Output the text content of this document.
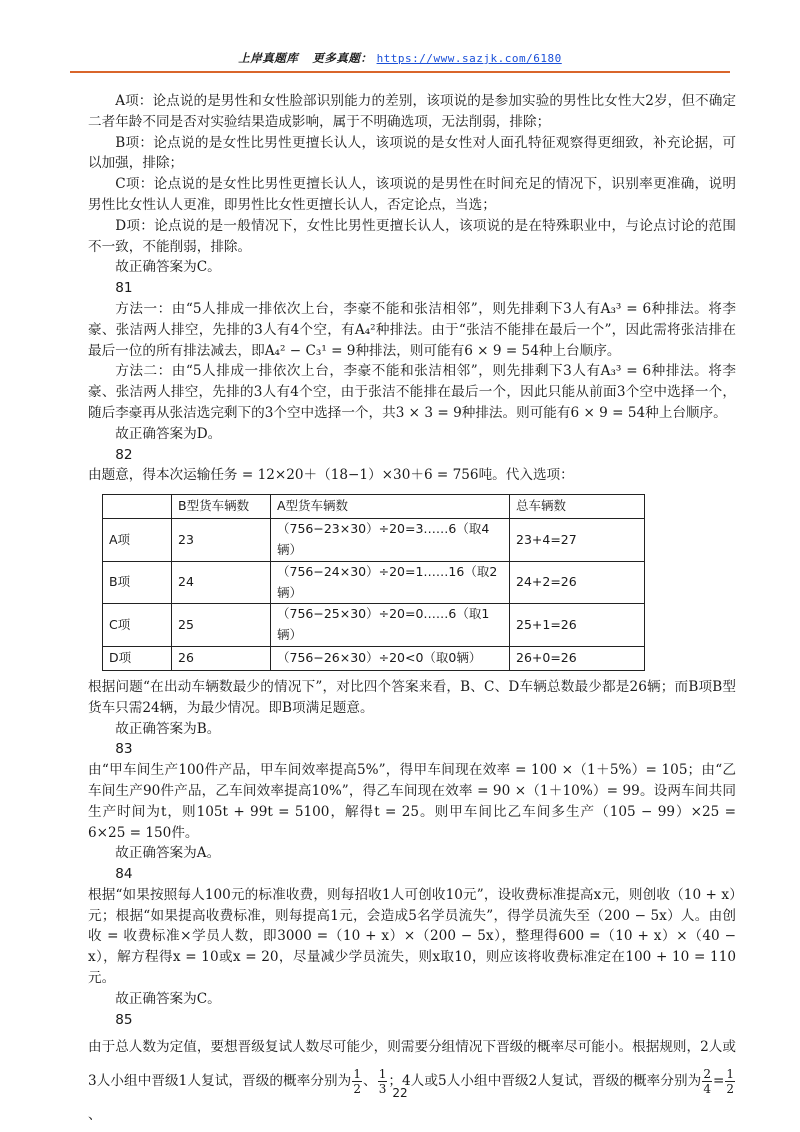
上岸真题库 更多真题： https://www.sazjk.com/6180

A项：论点说的是男性和女性脸部识别能力的差别，该项说的是参加实验的男性比女性大2岁，但不确定二者年龄不同是否对实验结果造成影响，属于不明确选项，无法削弱，排除；

B项：论点说的是女性比男性更擅长认人，该项说的是女性对人面孔特征观察得更细致，补充论据，可以加强，排除；

C项：论点说的是女性比男性更擅长认人，该项说的是男性在时间充足的情况下，识别率更准确，说明男性比女性认人更准，即男性比女性更擅长认人，否定论点，当选；

D项：论点说的是一般情况下，女性比男性更擅长认人，该项说的是在特殊职业中，与论点讨论的范围不一致，不能削弱，排除。

故正确答案为C。

81

方法一：由“5人排成一排依次上台，李豪不能和张洁相邻”，则先排剩下3人有A₃³ = 6种排法。将李豪、张洁两人排空，先排的3人有4个空，有A₄²种排法。由于“张洁不能排在最后一个”，因此需将张洁排在最后一位的所有排法减去，即A₄² − C₃¹ = 9种排法，则可能有6 × 9 = 54种上台顺序。

方法二：由“5人排成一排依次上台，李豪不能和张洁相邻”，则先排剩下3人有A₃³ = 6种排法。将李豪、张洁两人排空，先排的3人有4个空，由于张洁不能排在最后一个，因此只能从前面3个空中选择一个，随后李豪再从张洁选完剩下的3个空中选择一个，共3 × 3 = 9种排法。则可能有6 × 9 = 54种上台顺序。

故正确答案为D。

82

由题意，得本次运输任务 = 12×20＋（18−1）×30＋6 = 756吨。代入选项：

	B型货车辆数	A型货车辆数	总车辆数
A项	23	（756−23×30）÷20=3……6（取4辆）	23+4=27
B项	24	（756−24×30）÷20=1……16（取2辆）	24+2=26
C项	25	（756−25×30）÷20=0……6（取1辆）	25+1=26
D项	26	（756−26×30）÷20<0（取0辆）	26+0=26

根据问题“在出动车辆数最少的情况下”，对比四个答案来看，B、C、D车辆总数最少都是26辆；而B项B型货车只需24辆，为最少情况。即B项满足题意。

故正确答案为B。

83

由“甲车间生产100件产品，甲车间效率提高5%”，得甲车间现在效率 = 100 ×（1＋5%）= 105；由“乙车间生产90件产品，乙车间效率提高10%”，得乙车间现在效率 = 90 ×（1＋10%）= 99。设两车间共同生产时间为t，则105t + 99t = 5100，解得t = 25。则甲车间比乙车间多生产（105 − 99）×25 = 6×25 = 150件。

故正确答案为A。

84

根据“如果按照每人100元的标准收费，则每招收1人可创收10元”，设收费标准提高x元，则创收（10 + x）元；根据“如果提高收费标准，则每提高1元，会造成5名学员流失”，得学员流失至（200 − 5x）人。由创收 = 收费标准×学员人数，即3000 =（10 + x）×（200 − 5x），整理得600 =（10 + x）×（40 − x），解方程得x = 10或x = 20，尽量减少学员流失，则x取10，则应该将收费标准定在100 + 10 = 110元。

故正确答案为C。

85

由于总人数为定值，要想晋级复试人数尽可能少，则需要分组情况下晋级的概率尽可能小。根据规则，2人或3人小组中晋级1人复试，晋级的概率分别为 $\frac{1}{2}$ 、 $\frac{1}{3}$ ；4人或5人小组中晋级2人复试，晋级的概率分别为 $\frac{2}{4} = \frac{1}{2}$
、

22
